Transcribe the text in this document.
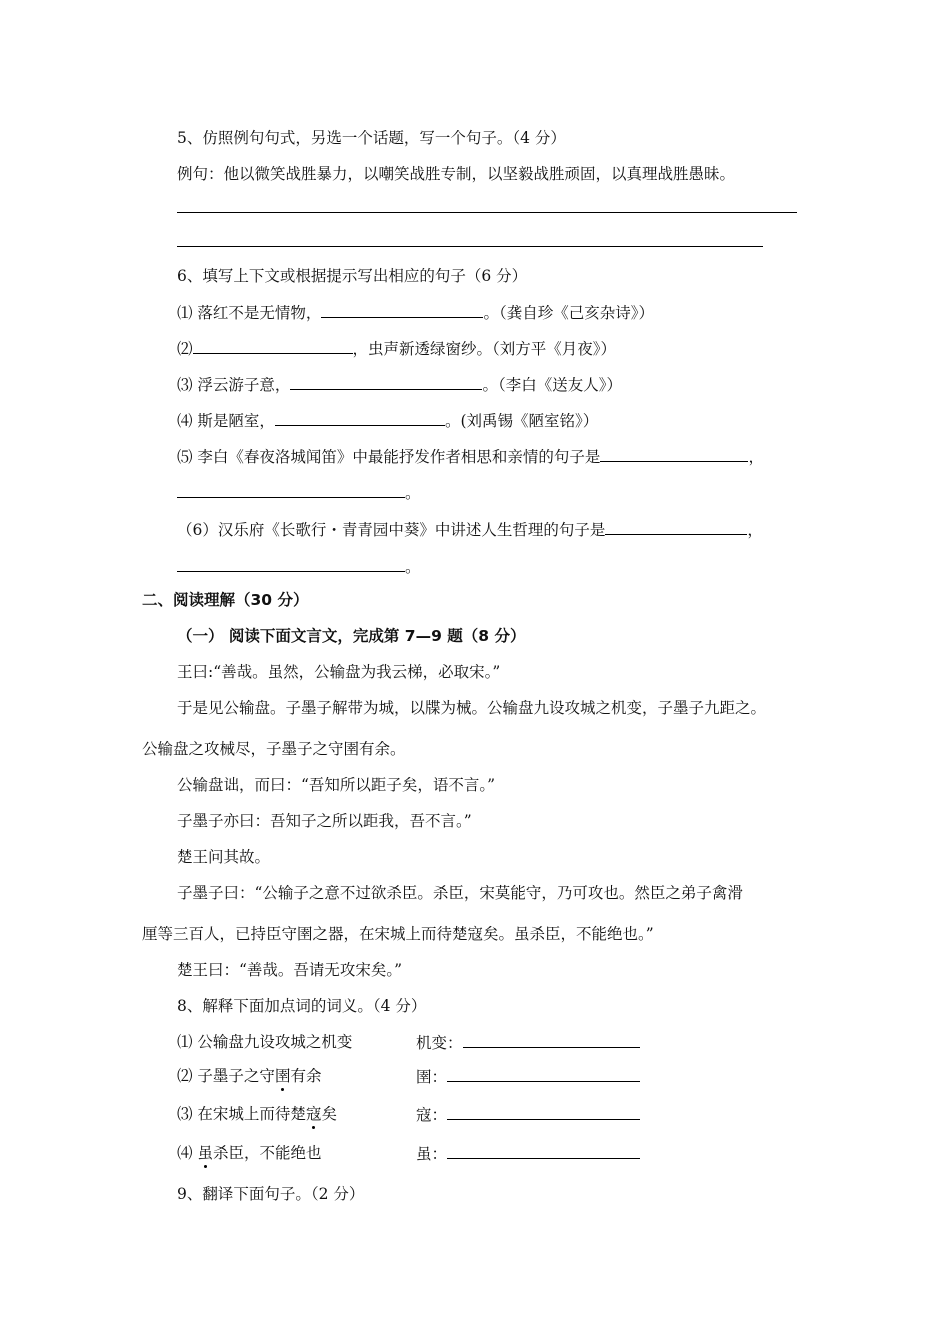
5、仿照例句句式，另选一个话题，写一个句子。（4 分）
例句：他以微笑战胜暴力，以嘲笑战胜专制，以坚毅战胜顽固，以真理战胜愚昧。
6、填写上下文或根据提示写出相应的句子（6 分）
⑴ 落红不是无情物，	。（龚自珍《己亥杂诗》）
⑵	，虫声新透绿窗纱。（刘方平《月夜》）
⑶ 浮云游子意，	。（李白《送友人》）
⑷ 斯是陋室，	。(刘禹锡《陋室铭》）
⑸ 李白《春夜洛城闻笛》中最能抒发作者相思和亲情的句子是	，
。
（6）汉乐府《长歌行・青青园中葵》中讲述人生哲理的句子是	，
。
二、阅读理解（30 分）
（一） 阅读下面文言文，完成第 7—9 题（8 分）
王曰:“善哉。虽然，公输盘为我云梯，必取宋。”
于是见公输盘。子墨子解带为城，以牒为械。公输盘九设攻城之机变，子墨子九距之。
公输盘之攻械尽，子墨子之守圉有余。
公输盘诎，而曰：“吾知所以距子矣，语不言。”
子墨子亦曰：吾知子之所以距我，吾不言。”
楚王问其故。
子墨子曰：“公输子之意不过欲杀臣。杀臣，宋莫能守，乃可攻也。然臣之弟子禽滑
厘等三百人，已持臣守圉之器，在宋城上而待楚寇矣。虽杀臣，不能绝也。”
楚王曰：“善哉。吾请无攻宋矣。”
8、解释下面加点词的词义。（4 分）
⑴ 公输盘九设攻城之机变	机变：
⑵ 子墨子之守圉有余	圉：
⑶ 在宋城上而待楚寇矣	寇：
⑷ 虽杀臣，不能绝也	虽：
9、翻译下面句子。（2 分）
